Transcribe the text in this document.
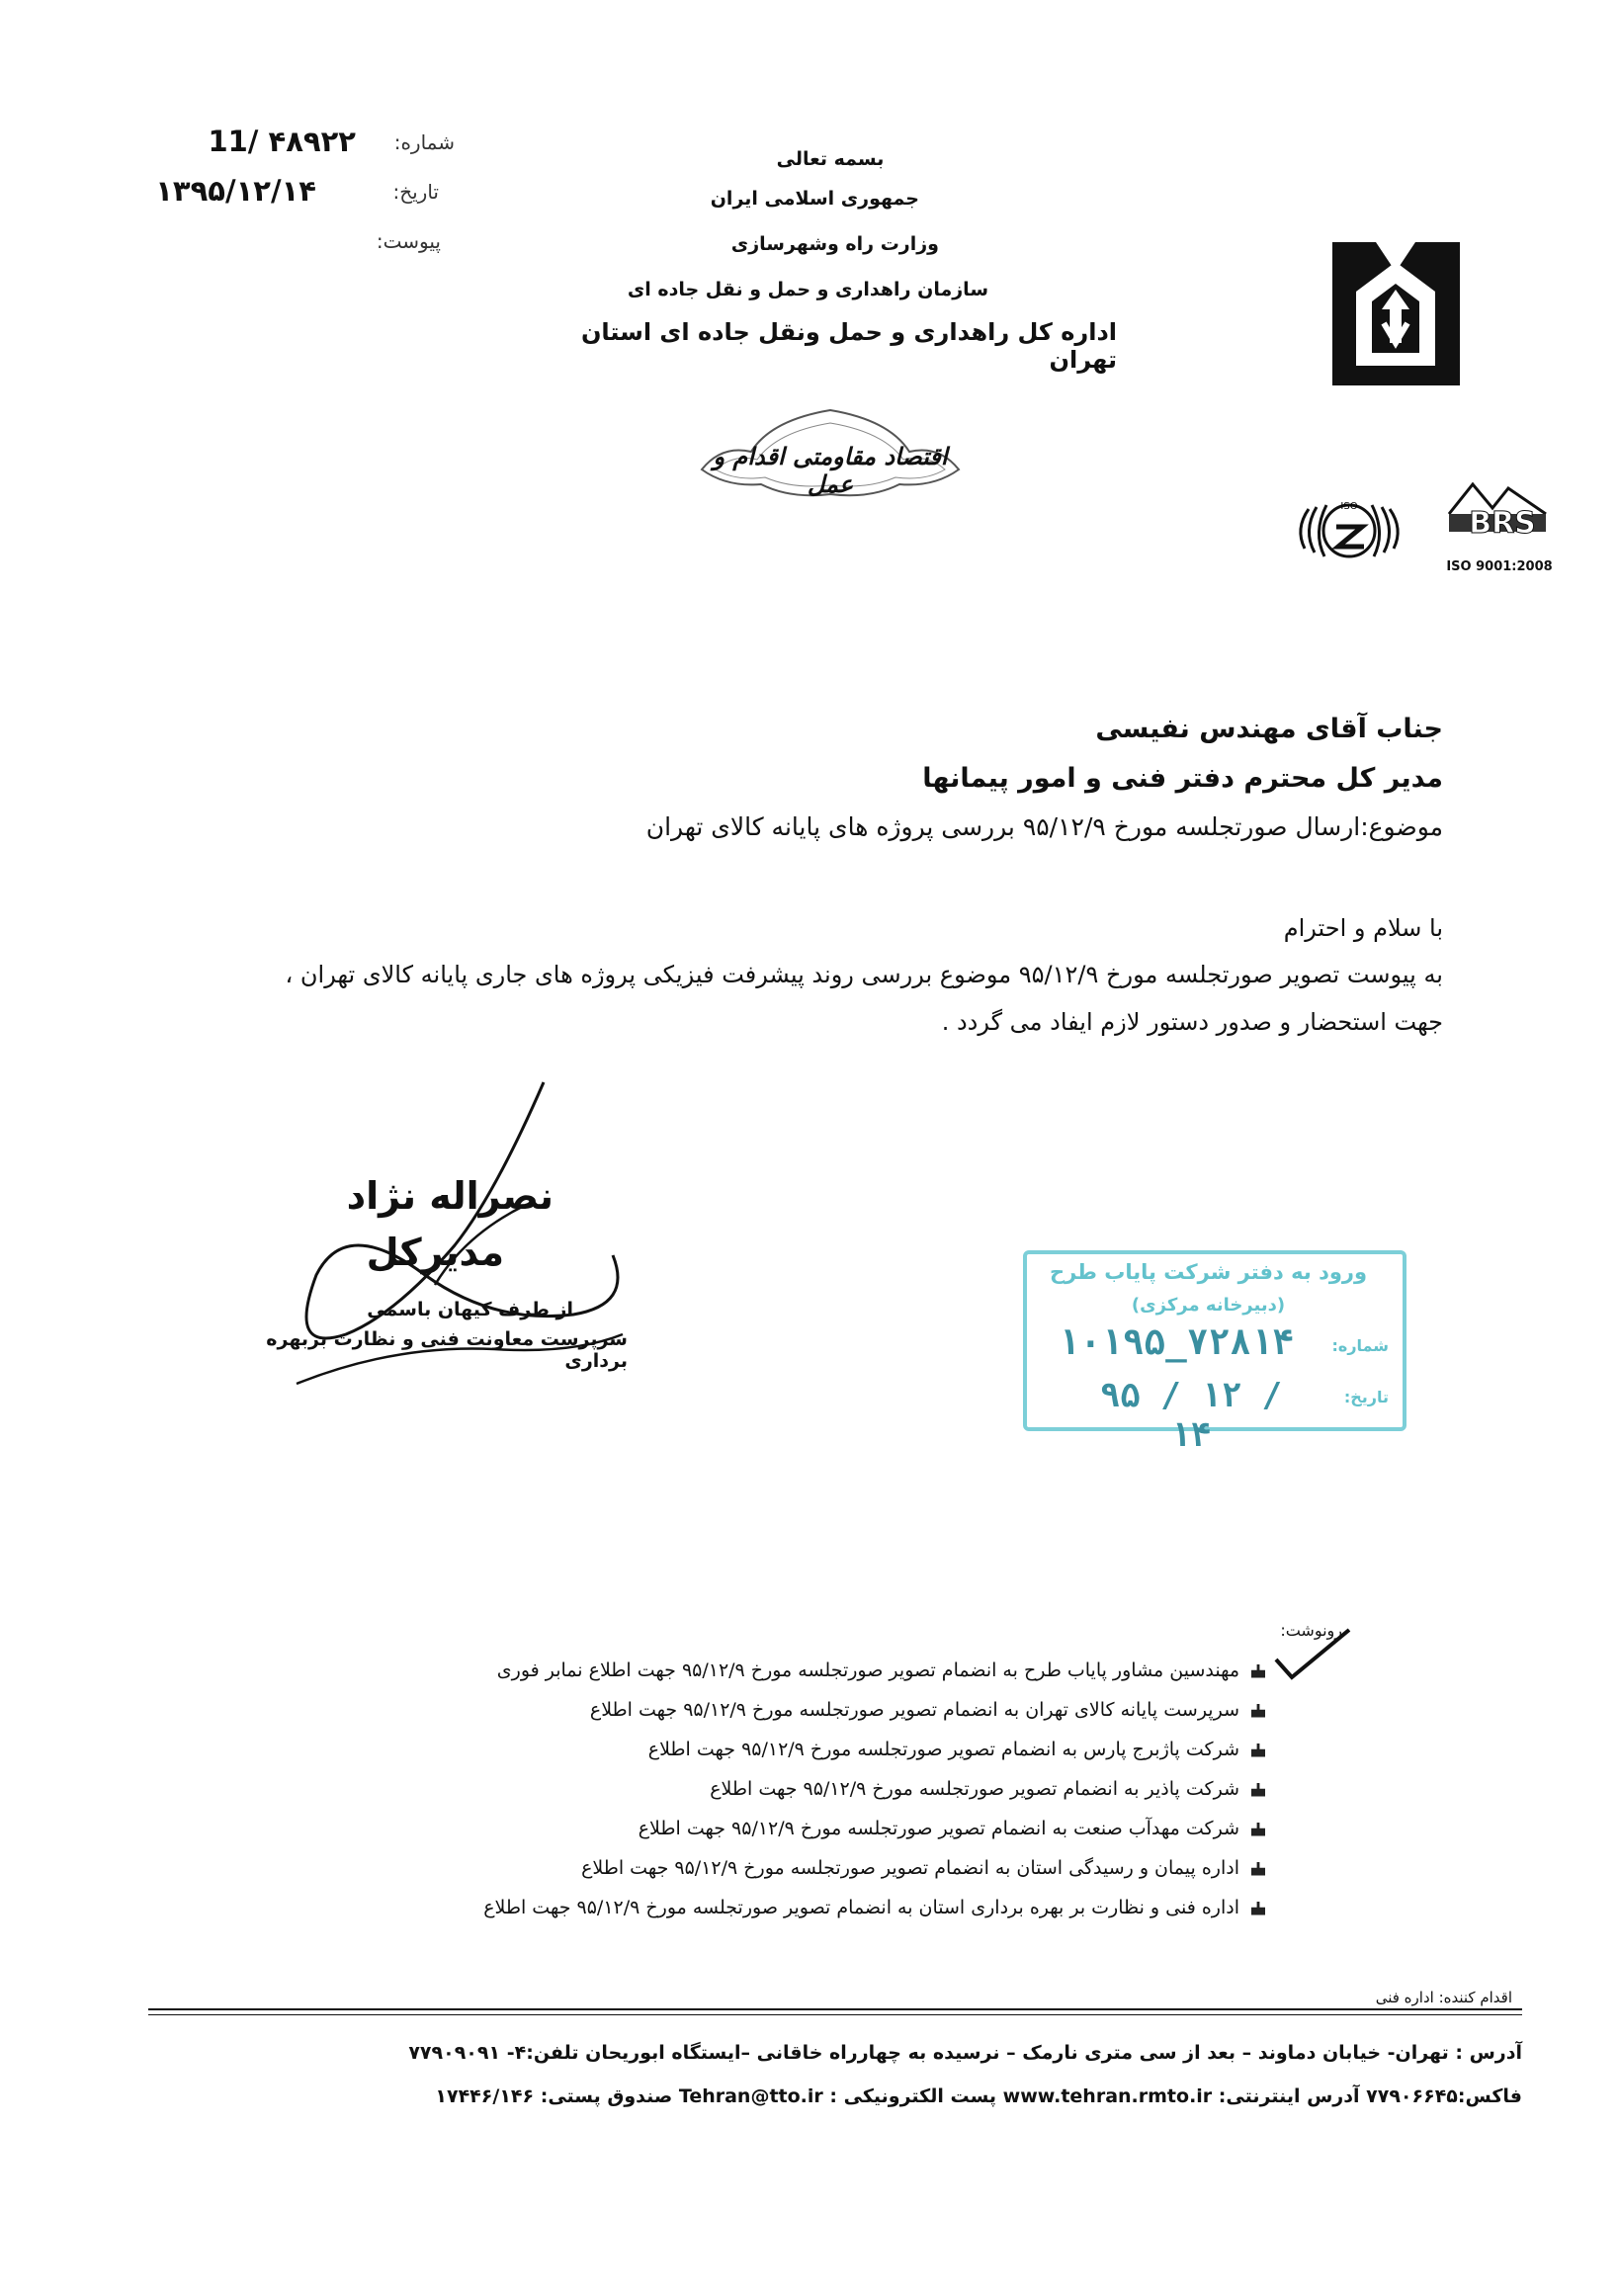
شماره:
11/ ۴۸۹۲۲
تاریخ:
۱۳۹۵/۱۲/۱۴
پیوست:
بسمه تعالی
جمهوری اسلامی ایران
وزارت راه وشهرسازی
سازمان راهداری و حمل و نقل جاده ای
اداره کل راهداری و حمل ونقل جاده ای استان تهران
اقتصاد مقاومتی اقدام و عمل
ISO	BRS
ISO 9001:2008
جناب آقای مهندس نفیسی
مدیر کل محترم دفتر فنی و امور پیمانها
موضوع:ارسال صورتجلسه مورخ ۹۵/۱۲/۹ بررسی پروژه های پایانه کالای تهران
با سلام و احترام
به پیوست تصویر صورتجلسه مورخ ۹۵/۱۲/۹ موضوع بررسی روند پیشرفت فیزیکی پروژه های جاری پایانه کالای تهران ،
جهت استحضار و صدور دستور لازم ایفاد می گردد .
نصراله نژاد
مدیرکل
از طرف کیهان باسمی
سرپرست معاونت فنی و نظارت بربهره برداری
ورود به دفتر شرکت پایاب طرح
(دبیرخانه مرکزی)
شماره:
۱۰۱۹۵_۷۲۸۱۴
تاریخ:
۹۵ / ۱۲ / ۱۴
رونوشت:
مهندسین مشاور پایاب طرح به انضمام تصویر صورتجلسه مورخ ۹۵/۱۲/۹ جهت اطلاع نمابر فوری
سرپرست پایانه کالای تهران به انضمام تصویر صورتجلسه مورخ ۹۵/۱۲/۹ جهت اطلاع
شرکت پاژبرج پارس به انضمام تصویر صورتجلسه مورخ ۹۵/۱۲/۹ جهت اطلاع
شرکت پاذیر به انضمام تصویر صورتجلسه مورخ ۹۵/۱۲/۹ جهت اطلاع
شرکت مهدآب صنعت به انضمام تصویر صورتجلسه مورخ ۹۵/۱۲/۹ جهت اطلاع
اداره پیمان و رسیدگی استان به انضمام تصویر صورتجلسه مورخ ۹۵/۱۲/۹ جهت اطلاع
اداره فنی و نظارت بر بهره برداری استان به انضمام تصویر صورتجلسه مورخ ۹۵/۱۲/۹ جهت اطلاع
اقدام کننده: اداره فنی
آدرس : تهران- خیابان دماوند – بعد از سی متری نارمک – نرسیده به چهارراه خاقانی –ایستگاه ابوریحان تلفن:۴- ۷۷۹۰۹۰۹۱
فاکس:۷۷۹۰۶۶۴۵ آدرس اینترنتی: www.tehran.rmto.ir پست الکترونیکی : Tehran@tto.ir صندوق پستی: ۱۷۴۴۶/۱۴۶
